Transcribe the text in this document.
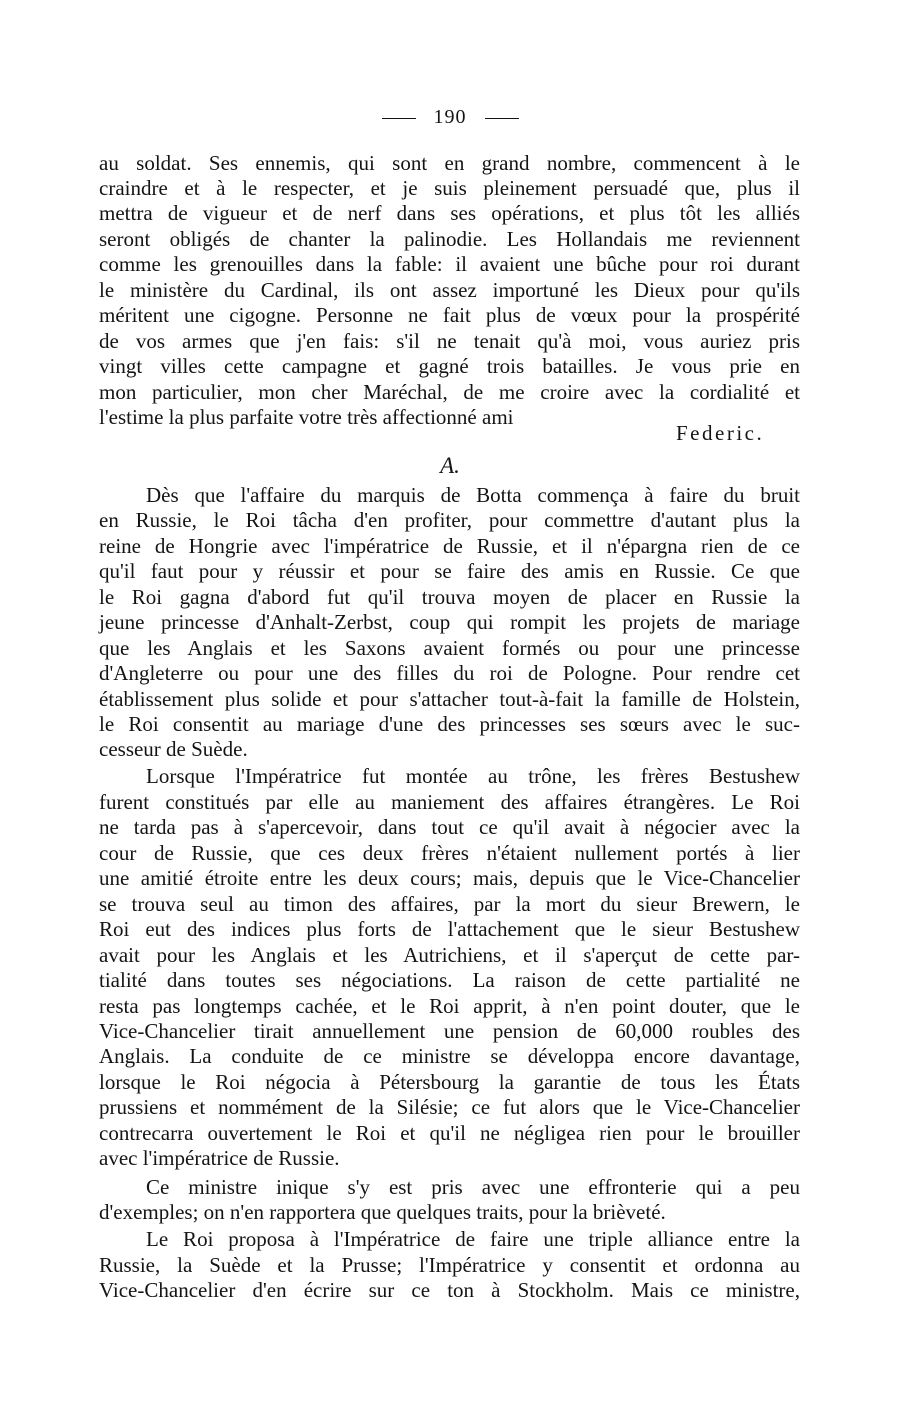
190
au soldat. Ses ennemis, qui sont en grand nombre, commencent à le
craindre et à le respecter, et je suis pleinement persuadé que, plus il
mettra de vigueur et de nerf dans ses opérations, et plus tôt les alliés
seront obligés de chanter la palinodie. Les Hollandais me reviennent
comme les grenouilles dans la fable: il avaient une bûche pour roi durant
le ministère du Cardinal, ils ont assez importuné les Dieux pour qu'ils
méritent une cigogne. Personne ne fait plus de vœux pour la prospérité
de vos armes que j'en fais: s'il ne tenait qu'à moi, vous auriez pris
vingt villes cette campagne et gagné trois batailles. Je vous prie en
mon particulier, mon cher Maréchal, de me croire avec la cordialité et
l'estime la plus parfaite votre très affectionné ami
Federic.
A.
Dès que l'affaire du marquis de Botta commença à faire du bruit
en Russie, le Roi tâcha d'en profiter, pour commettre d'autant plus la
reine de Hongrie avec l'impératrice de Russie, et il n'épargna rien de ce
qu'il faut pour y réussir et pour se faire des amis en Russie. Ce que
le Roi gagna d'abord fut qu'il trouva moyen de placer en Russie la
jeune princesse d'Anhalt-Zerbst, coup qui rompit les projets de mariage
que les Anglais et les Saxons avaient formés ou pour une princesse
d'Angleterre ou pour une des filles du roi de Pologne. Pour rendre cet
établissement plus solide et pour s'attacher tout-à-fait la famille de Holstein,
le Roi consentit au mariage d'une des princesses ses sœurs avec le suc-
cesseur de Suède.
Lorsque l'Impératrice fut montée au trône, les frères Bestushew
furent constitués par elle au maniement des affaires étrangères. Le Roi
ne tarda pas à s'apercevoir, dans tout ce qu'il avait à négocier avec la
cour de Russie, que ces deux frères n'étaient nullement portés à lier
une amitié étroite entre les deux cours; mais, depuis que le Vice-Chancelier
se trouva seul au timon des affaires, par la mort du sieur Brewern, le
Roi eut des indices plus forts de l'attachement que le sieur Bestushew
avait pour les Anglais et les Autrichiens, et il s'aperçut de cette par-
tialité dans toutes ses négociations. La raison de cette partialité ne
resta pas longtemps cachée, et le Roi apprit, à n'en point douter, que le
Vice-Chancelier tirait annuellement une pension de 60,000 roubles des
Anglais. La conduite de ce ministre se développa encore davantage,
lorsque le Roi négocia à Pétersbourg la garantie de tous les États
prussiens et nommément de la Silésie; ce fut alors que le Vice-Chancelier
contrecarra ouvertement le Roi et qu'il ne négligea rien pour le brouiller
avec l'impératrice de Russie.
Ce ministre inique s'y est pris avec une effronterie qui a peu
d'exemples; on n'en rapportera que quelques traits, pour la brièveté.
Le Roi proposa à l'Impératrice de faire une triple alliance entre la
Russie, la Suède et la Prusse; l'Impératrice y consentit et ordonna au
Vice-Chancelier d'en écrire sur ce ton à Stockholm. Mais ce ministre,
